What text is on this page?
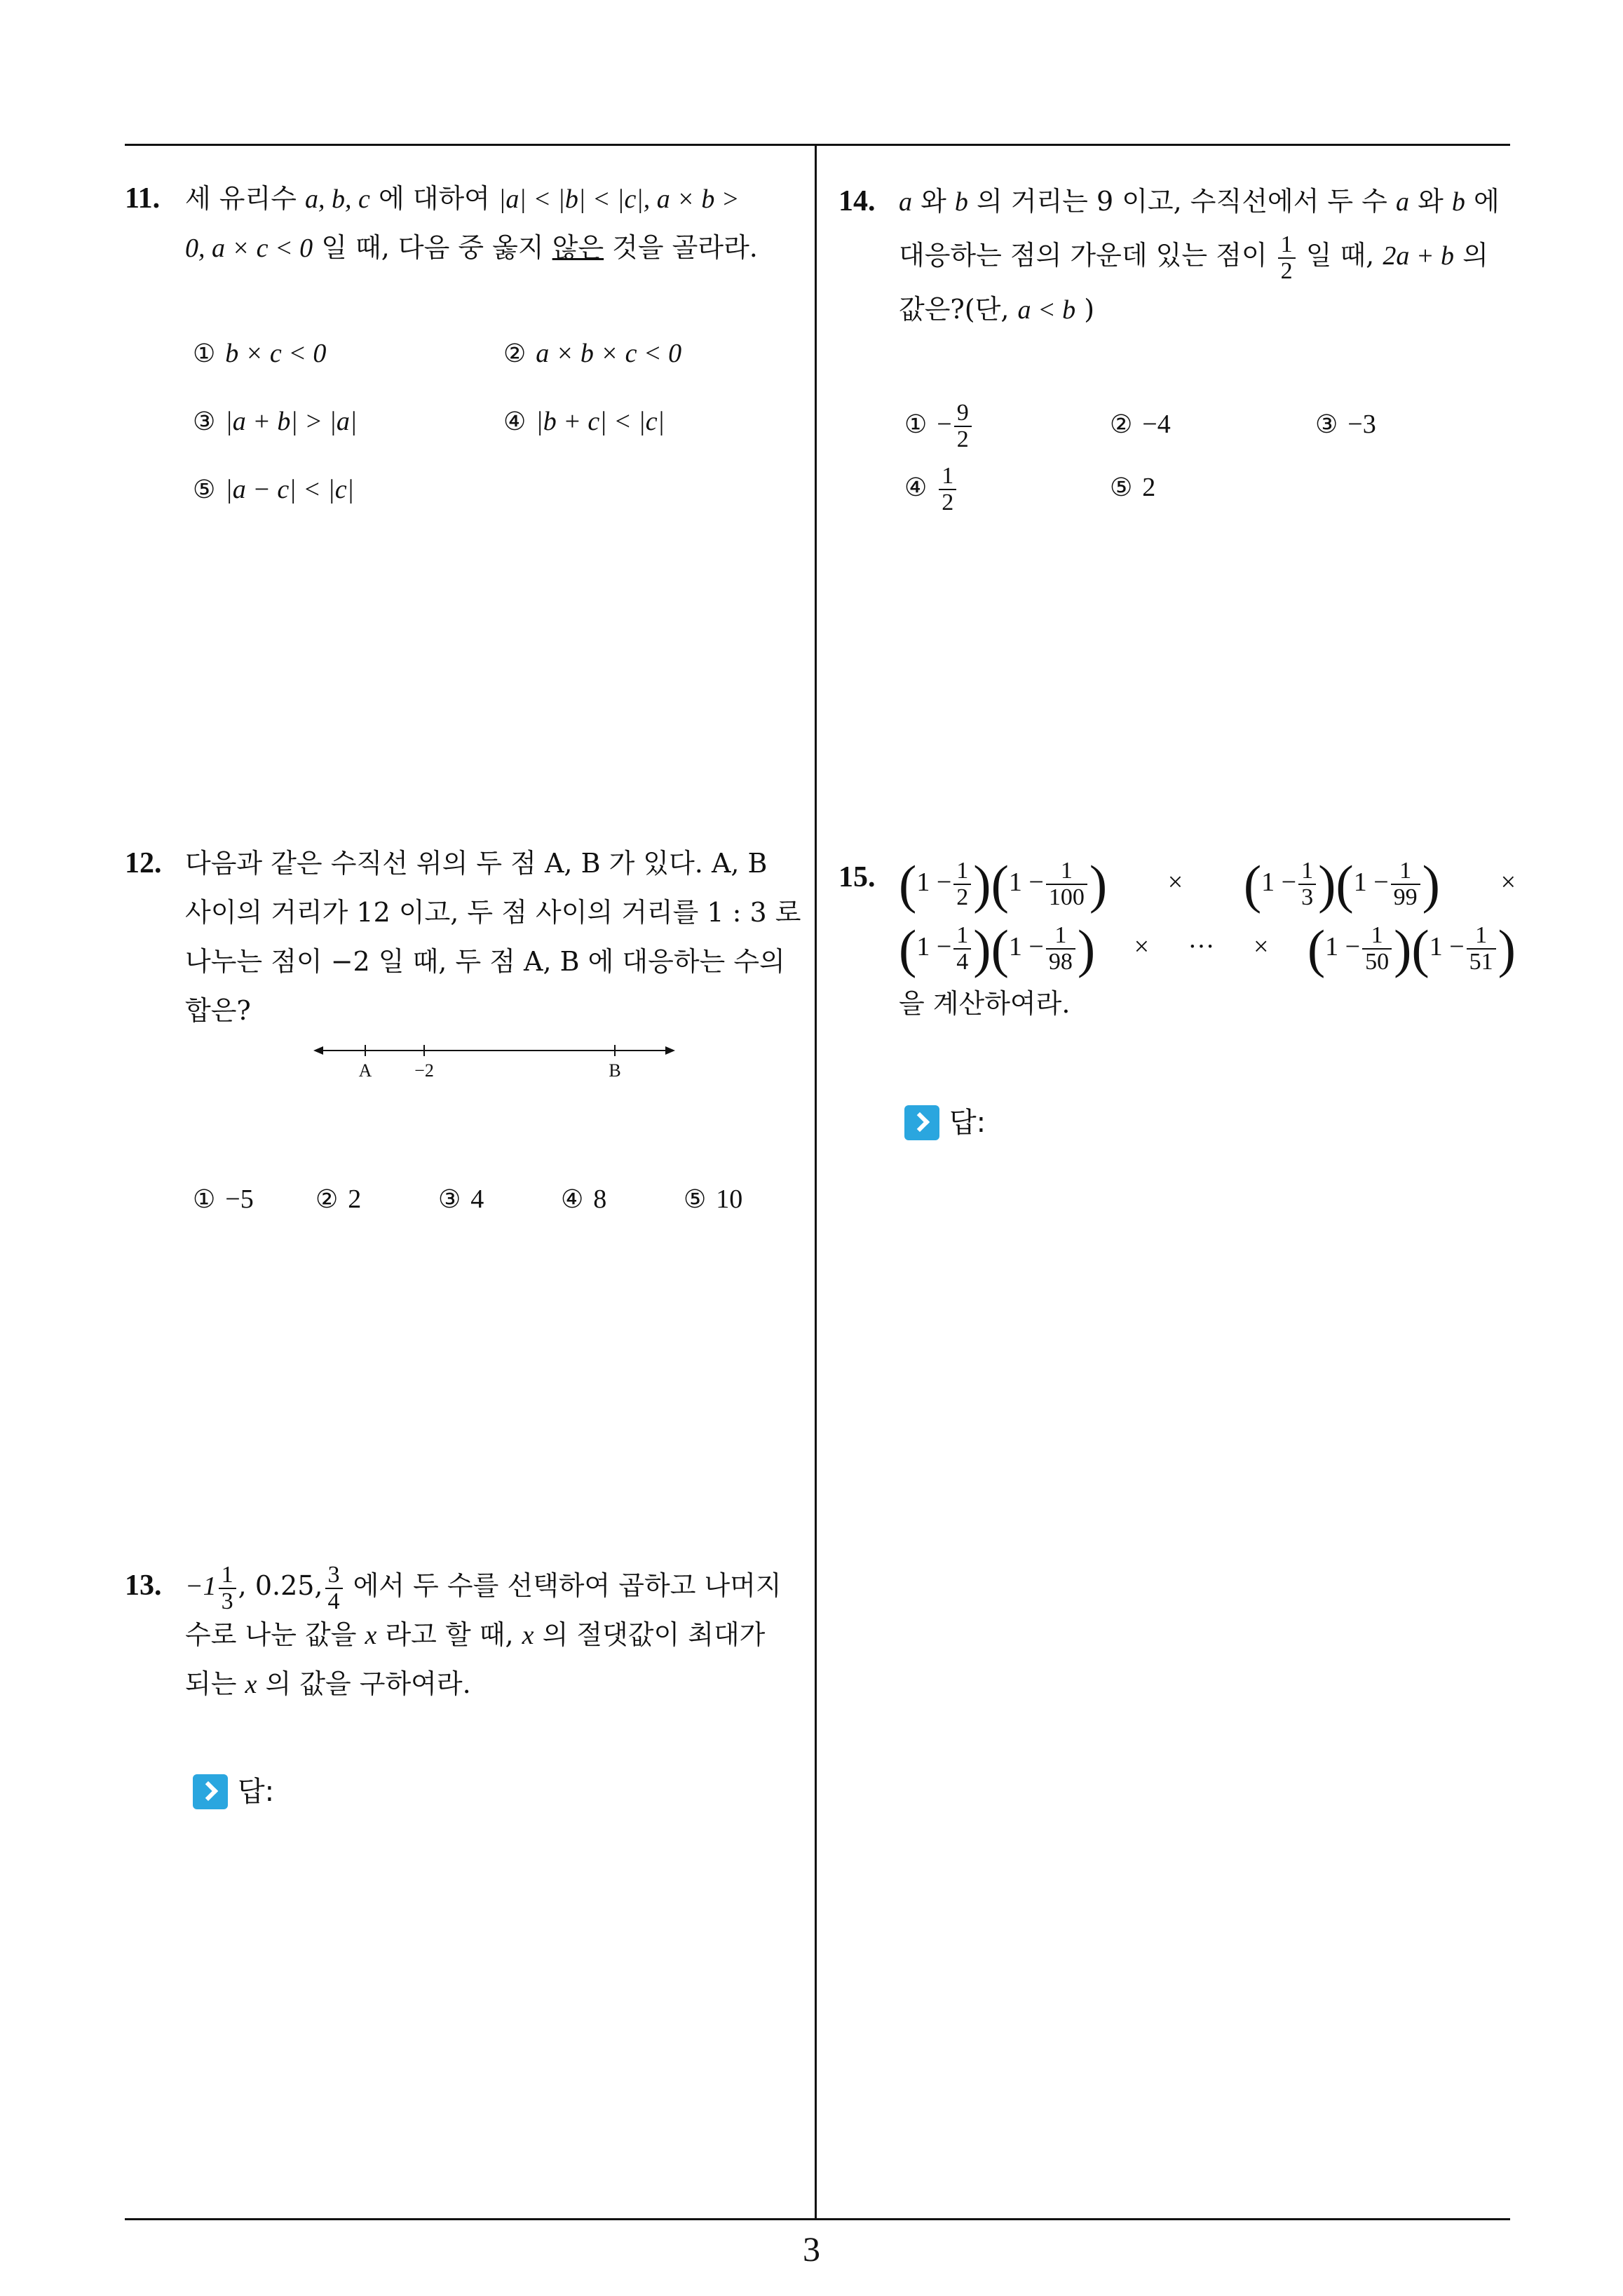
3
11. 세 유리수 a, b, c 에 대하여 |a| < |b| < |c|, a × b >
0, a × c < 0 일 때, 다음 중 옳지 않은 것을 골라라.
① b × c < 0	② a × b × c < 0
③ |a + b| > |a|	④ |b + c| < |c|
⑤ |a − c| < |c|
12. 다음과 같은 수직선 위의 두 점 A, B 가 있다. A, B
사이의 거리가 12 이고, 두 점 사이의 거리를 1 : 3 로
나누는 점이 −2 일 때, 두 점 A, B 에 대응하는 수의
합은?
A −2	B
① −5 ② 2	③ 4	④ 8	⑤ 10
13. $-1 \frac{1}{3}$ , 0.25, $\frac{3}{4}$ 에서 두 수를 선택하여 곱하고 나머지
수로 나눈 값을 x 라고 할 때, x 의 절댓값이 최대가
되는 x 의 값을 구하여라.
답:
14. a 와 b 의 거리는 9 이고, 수직선에서 두 수 a 와 b 에
대응하는 점의 가운데 있는 점이 $\frac{1}{2}$ 일 때, 2a + b 의
값은?(단, a < b )
① − $\frac{9}{2}$	② −4	③ −3
④ $\frac{1}{2}$	⑤ 2
15. $(1 - \frac{1}{2} )(1 - \frac{1}{100}$ ) × $(1 - \frac{1}{3} )(1 - \frac{1}{99}$ ) ×
$(1 - \frac{1}{4} )(1 - \frac{1}{98}$ ) × ··· × $(1 - \frac{1}{50} )(1 - \frac{1}{51}$ )
을 계산하여라.
답:
